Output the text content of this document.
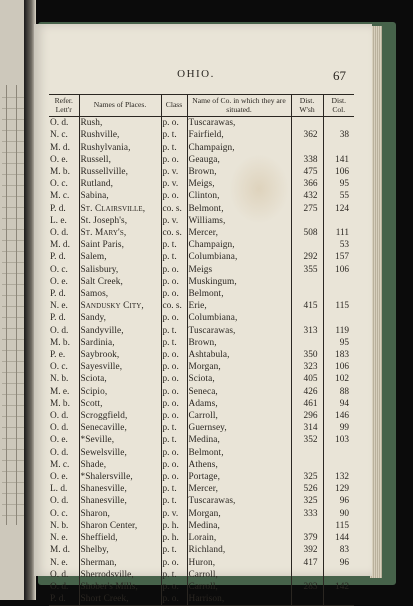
OHIO.	67
Refer. Lett'r	Names of Places.	Class	Name of Co. in which they are situated.	Dist. W'sh	Dist. Col.
O. d.	Rush,	p. o.	Tuscarawas,		
N. c.	Rushville,	p. t.	Fairfield,	362	38
M. d.	Rushylvania,	p. t.	Champaign,		
O. e.	Russell,	p. o.	Geauga,	338	141
M. b.	Russellville,	p. v.	Brown,	475	106
O. c.	Rutland,	p. v.	Meigs,	366	95
M. c.	Sabina,	p. o.	Clinton,	432	55
P. d.	St. Clairsville,	co. s.	Belmont,	275	124
L. e.	St. Joseph's,	p. v.	Williams,		
O. d.	St. Mary's,	co. s.	Mercer,	508	111
M. d.	Saint Paris,	p. t.	Champaign,		53
P. d.	Salem,	p. t.	Columbiana,	292	157
O. c.	Salisbury,	p. o.	Meigs	355	106
O. e.	Salt Creek,	p. o.	Muskingum,		
P. d.	Samos,	p. o.	Belmont,		
N. e.	Sandusky City,	co. s.	Erie,	415	115
P. d.	Sandy,	p. o.	Columbiana,		
O. d.	Sandyville,	p. t.	Tuscarawas,	313	119
M. b.	Sardinia,	p. t.	Brown,		95
P. e.	Saybrook,	p. o.	Ashtabula,	350	183
O. c.	Sayesville,	p. o.	Morgan,	323	106
N. b.	Sciota,	p. o.	Sciota,	405	102
M. e.	Scipio,	p. o.	Seneca,	426	88
M. b.	Scott,	p. o.	Adams,	461	94
O. d.	Scroggfield,	p. o.	Carroll,	296	146
O. d.	Senecaville,	p. t.	Guernsey,	314	99
O. e.	*Seville,	p. t.	Medina,	352	103
O. d.	Sewelsville,	p. o.	Belmont,		
M. c.	Shade,	p. o.	Athens,		
O. e.	*Shalersville,	p. o.	Portage,	325	132
L. d.	Shanesville,	p. t.	Mercer,	526	129
O. d.	Shanesville,	p. t.	Tuscarawas,	325	96
O. c.	Sharon,	p. v.	Morgan,	333	90
N. b.	Sharon Center,	p. h.	Medina,		115
N. e.	Sheffield,	p. h.	Lorain,	379	144
M. d.	Shelby,	p. t.	Richland,	392	83
N. e.	Sherman,	p. o.	Huron,	417	96
O. d.	Sherrodsville,	p. t.	Carroll,		
O. d.	Shober's Mills,	p. o.	Carroll,	283	142
P. d.	Short Creek,	p. o.	Harrison,		
